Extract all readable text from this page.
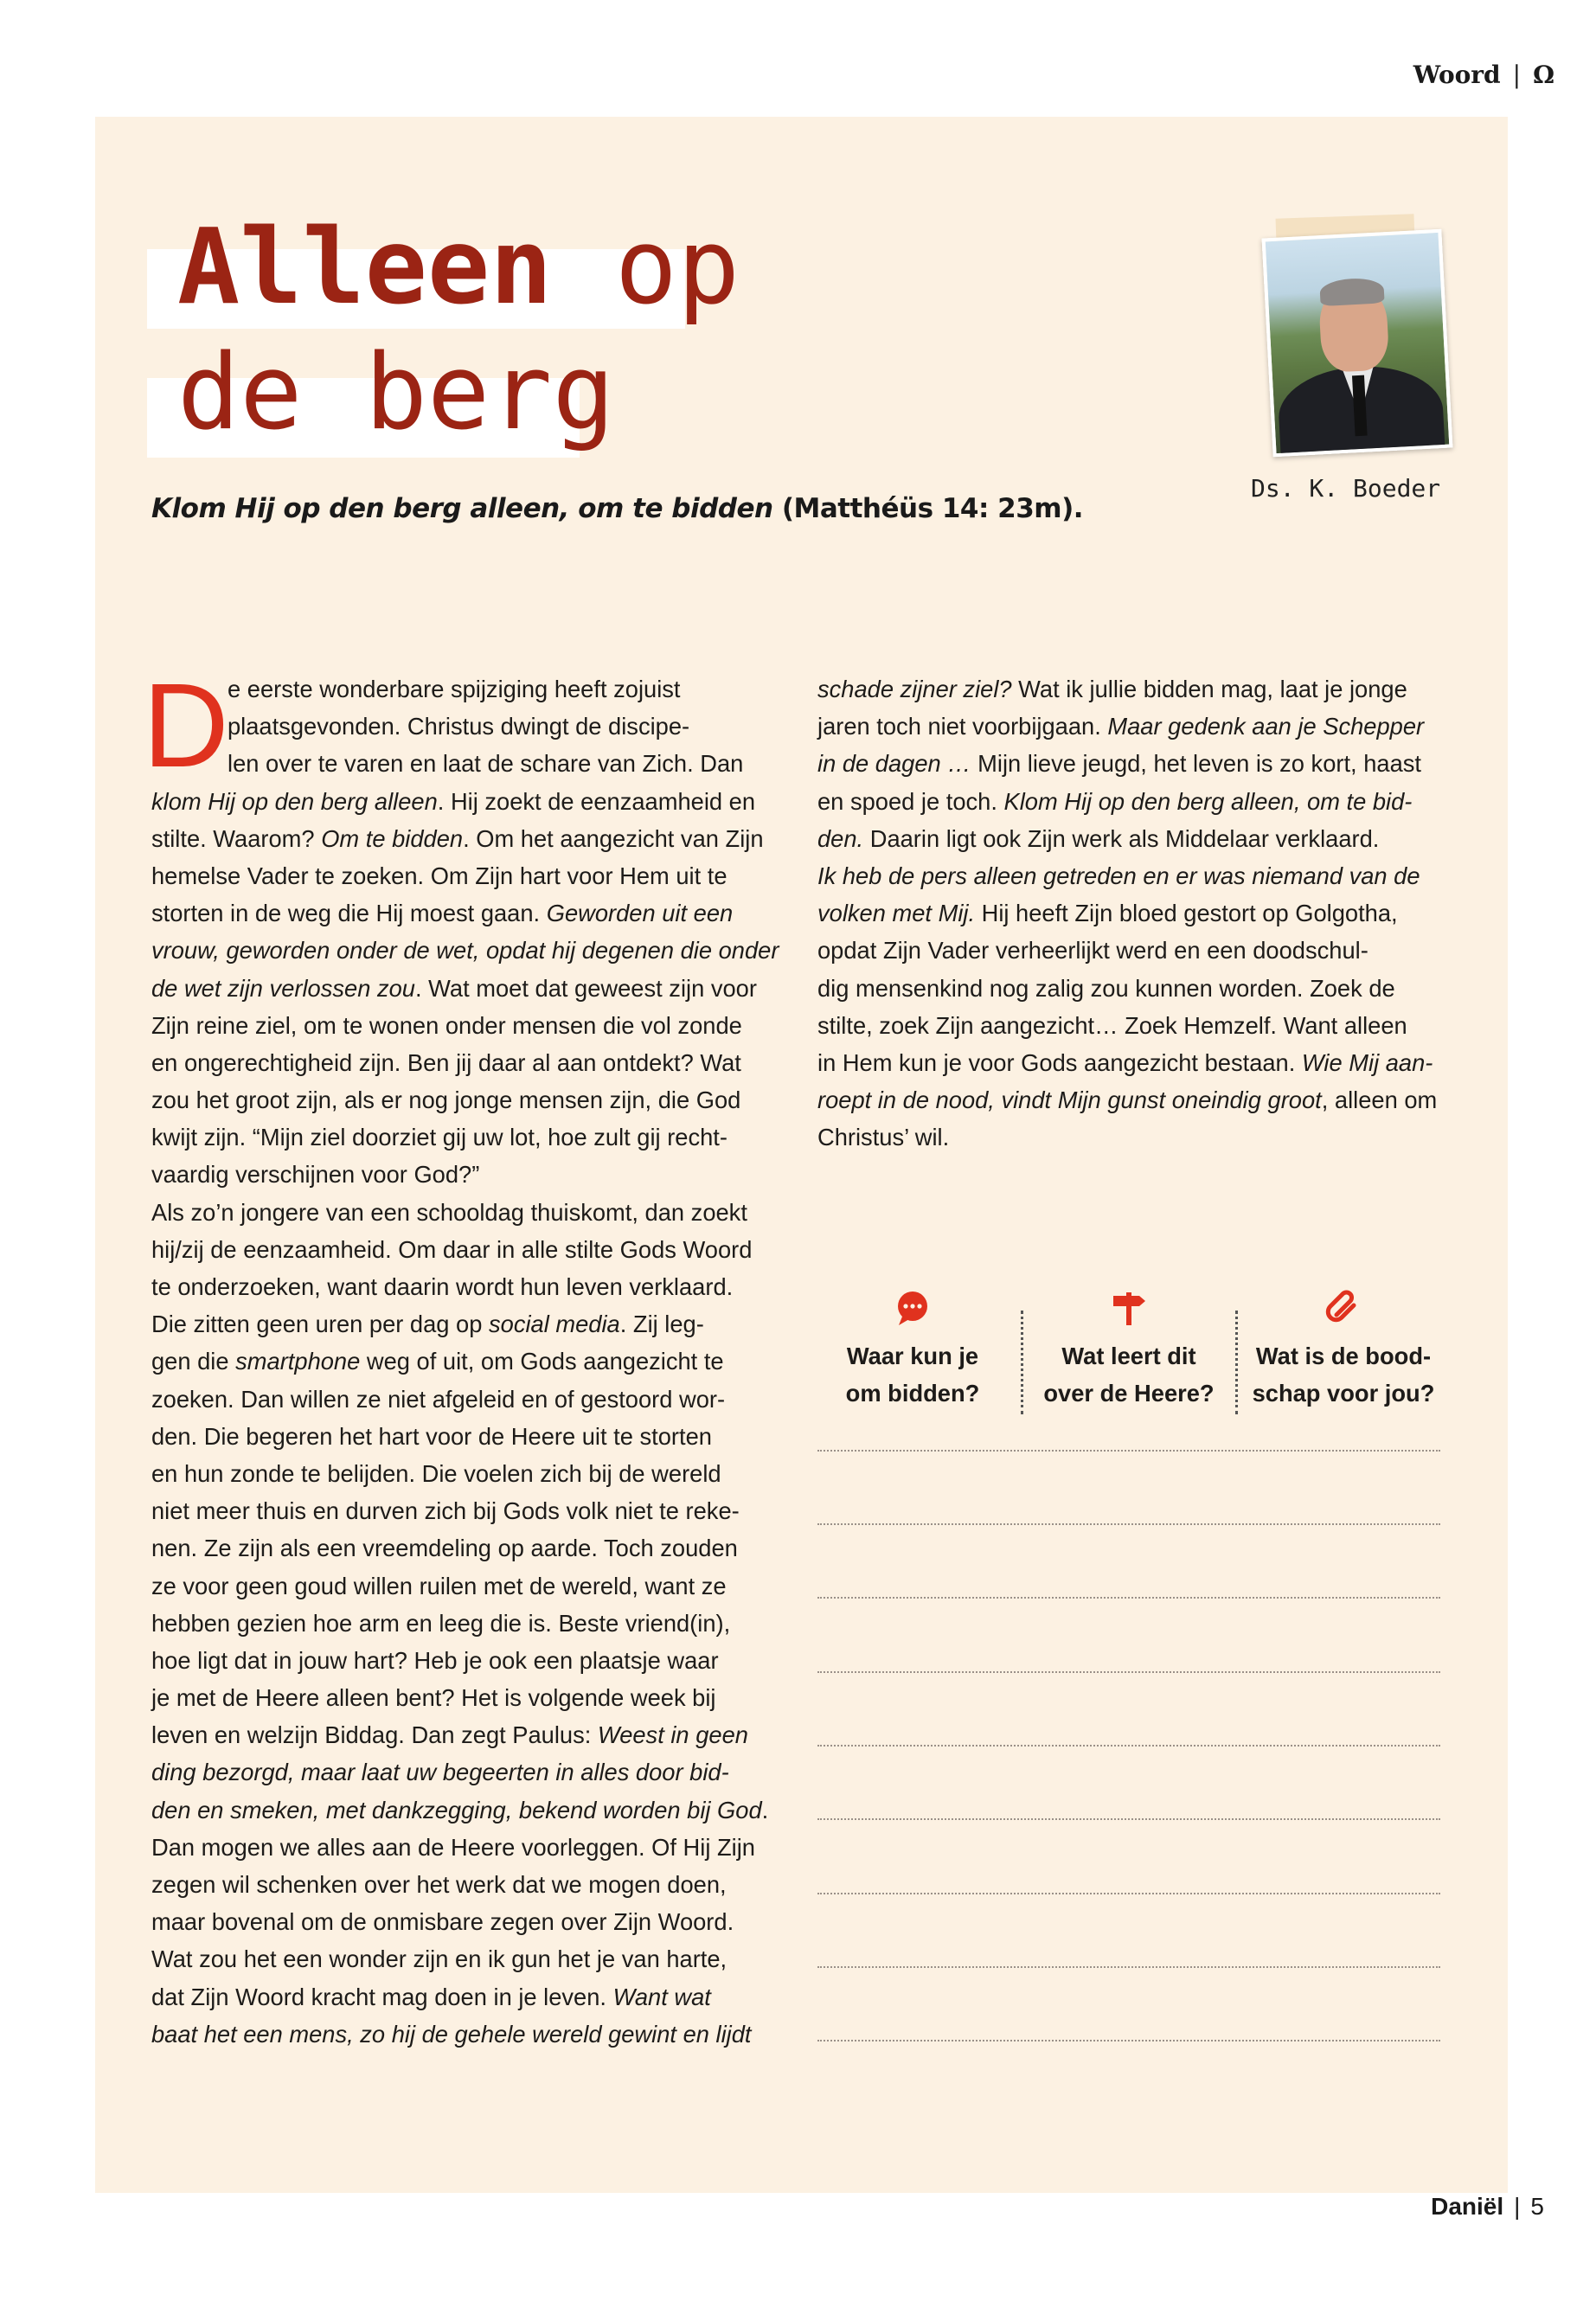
Woord | Ω
Alleen op
de berg
Klom Hij op den berg alleen, om te bidden (Matthéüs 14: 23m).
Ds. K. Boeder
D
e eerste wonderbare spijziging heeft zojuist
plaatsgevonden. Christus dwingt de discipe-
len over te varen en laat de schare van Zich. Dan
klom Hij op den berg alleen. Hij zoekt de eenzaamheid en
stilte. Waarom? Om te bidden. Om het aangezicht van Zijn
hemelse Vader te zoeken. Om Zijn hart voor Hem uit te
storten in de weg die Hij moest gaan. Geworden uit een
vrouw, geworden onder de wet, opdat hij degenen die onder
de wet zijn verlossen zou. Wat moet dat geweest zijn voor
Zijn reine ziel, om te wonen onder mensen die vol zonde
en ongerechtigheid zijn. Ben jij daar al aan ontdekt? Wat
zou het groot zijn, als er nog jonge mensen zijn, die God
kwijt zijn. “Mijn ziel doorziet gij uw lot, hoe zult gij recht-
vaardig verschijnen voor God?”
Als zo’n jongere van een schooldag thuiskomt, dan zoekt
hij/zij de eenzaamheid. Om daar in alle stilte Gods Woord
te onderzoeken, want daarin wordt hun leven verklaard.
Die zitten geen uren per dag op social media. Zij leg-
gen die smartphone weg of uit, om Gods aangezicht te
zoeken. Dan willen ze niet afgeleid en of gestoord wor-
den. Die begeren het hart voor de Heere uit te storten
en hun zonde te belijden. Die voelen zich bij de wereld
niet meer thuis en durven zich bij Gods volk niet te reke-
nen. Ze zijn als een vreemdeling op aarde. Toch zouden
ze voor geen goud willen ruilen met de wereld, want ze
hebben gezien hoe arm en leeg die is. Beste vriend(in),
hoe ligt dat in jouw hart? Heb je ook een plaatsje waar
je met de Heere alleen bent? Het is volgende week bij
leven en welzijn Biddag. Dan zegt Paulus: Weest in geen
ding bezorgd, maar laat uw begeerten in alles door bid-
den en smeken, met dankzegging, bekend worden bij God.
Dan mogen we alles aan de Heere voorleggen. Of Hij Zijn
zegen wil schenken over het werk dat we mogen doen,
maar bovenal om de onmisbare zegen over Zijn Woord.
Wat zou het een wonder zijn en ik gun het je van harte,
dat Zijn Woord kracht mag doen in je leven. Want wat
baat het een mens, zo hij de gehele wereld gewint en lijdt
schade zijner ziel? Wat ik jullie bidden mag, laat je jonge
jaren toch niet voorbijgaan. Maar gedenk aan je Schepper
in de dagen … Mijn lieve jeugd, het leven is zo kort, haast
en spoed je toch. Klom Hij op den berg alleen, om te bid-
den. Daarin ligt ook Zijn werk als Middelaar verklaard.
Ik heb de pers alleen getreden en er was niemand van de
volken met Mij. Hij heeft Zijn bloed gestort op Golgotha,
opdat Zijn Vader verheerlijkt werd en een doodschul-
dig mensenkind nog zalig zou kunnen worden. Zoek de
stilte, zoek Zijn aangezicht… Zoek Hemzelf. Want alleen
in Hem kun je voor Gods aangezicht bestaan. Wie Mij aan-
roept in de nood, vindt Mijn gunst oneindig groot, alleen om
Christus’ wil.
Waar kun je
om bidden?
Wat leert dit
over de Heere?
Wat is de bood-
schap voor jou?
Daniël | 5
